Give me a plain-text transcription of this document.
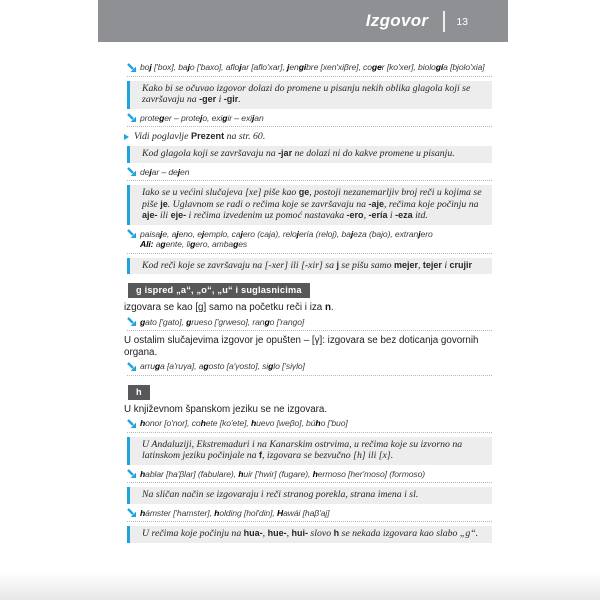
Izgovor	13
boj ['box], bajo ['baxo], aflojar [aflo'xar], jengibre [xen'xiβre], coger [ko'xer], biología [bjolo'xia]
Kako bi se očuvao izgovor dolazi do promene u pisanju nekih oblika glagola koji se završavaju na -ger i -gir.
proteger – protejo, exigir – exijan
Vidi poglavlje Prezent na str. 60.
Kod glagola koji se završavaju na -jar ne dolazi ni do kakve promene u pisanju.
dejar – dejen
Iako se u većini slučajeva [xe] piše kao ge, postoji nezanemarljiv broj reči u kojima se piše je. Uglavnom se radi o rečima koje se završavaju na -aje, rečima koje počinju na aje- ili eje- i rečima izvedenim uz pomoć nastavaka -ero, -ería i -eza itd.
paisaje, ajeno, ejemplo, cajero (caja), relojería (reloj), bajeza (bajo), extranjero
Ali: agente, ligero, ambages
Kod reči koje se završavaju na [-xer] ili [-xir] sa j se pišu samo mejer, tejer i crujir
g ispred „a“, „o“, „u“ i suglasnicima

izgovara se kao [g] samo na početku reči i iza n.

gato ['gato], grueso ['grweso], rango ['rango]

U ostalim slučajevima izgovor je opušten – [γ]: izgovara se bez doticanja govornih organa.

arruga [a'ruγa], agosto [a'γosto], siglo ['siγlo]
h

U književnom španskom jeziku se ne izgovara.

honor [o'nor], cohete [ko'ete], huevo [weβo], búho ['buo]
U Andaluziji, Ekstremaduri i na Kanarskim ostrvima, u rečima koje su izvorno na latinskom jeziku počinjale na f, izgovara se bezvučno [h] ili [x].
hablar [ha'βlar] (fabulare), huir ['hwir] (fugare), hermoso [her'moso] (formoso)
Na sličan način se izgovaraju i reči stranog porekla, strana imena i sl.
hámster ['hamster], holding [hol'din], Hawái [haβ'aj]
U rečima koje počinju na hua-, hue-, hui- slovo h se nekada izgovara kao slabo „g“.
